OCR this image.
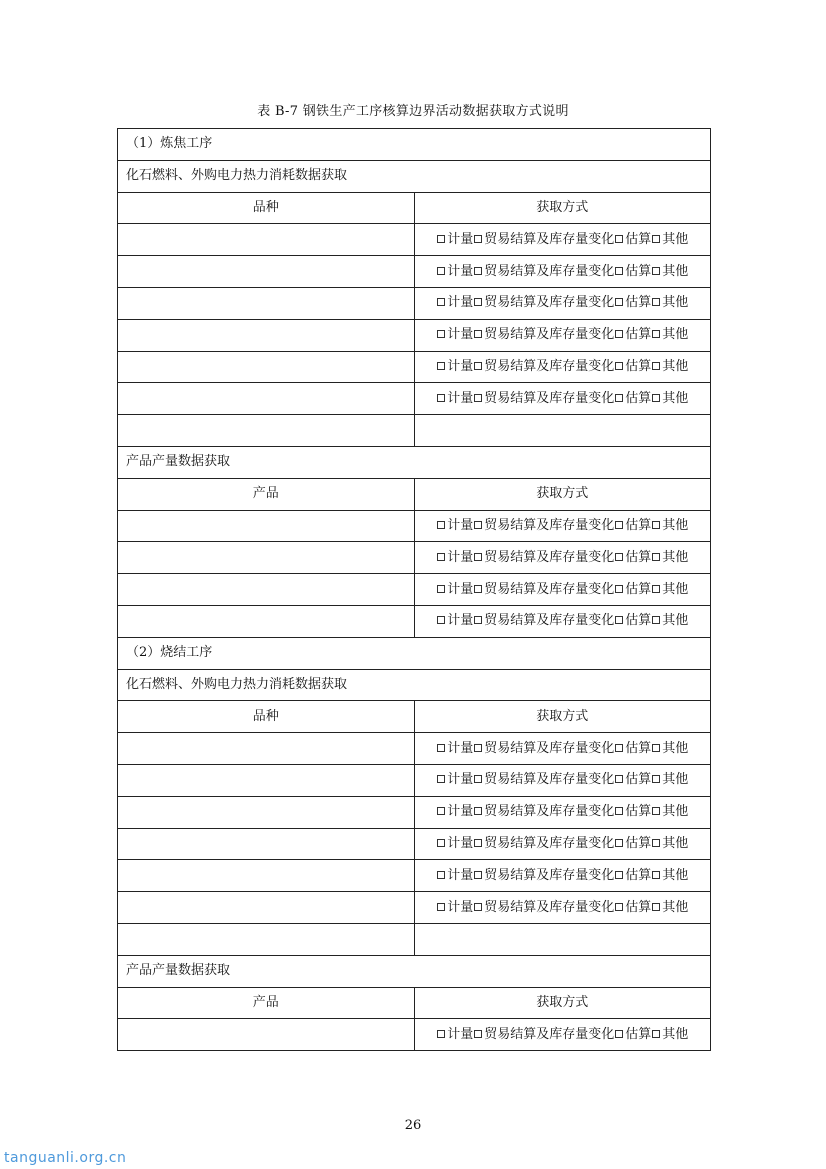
表 B-7 钢铁生产工序核算边界活动数据获取方式说明
（1）炼焦工序	
化石燃料、外购电力热力消耗数据获取	
品种	获取方式
	计量 贸易结算及库存量变化 估算 其他
	计量 贸易结算及库存量变化 估算 其他
	计量 贸易结算及库存量变化 估算 其他
	计量 贸易结算及库存量变化 估算 其他
	计量 贸易结算及库存量变化 估算 其他
	计量 贸易结算及库存量变化 估算 其他

产品产量数据获取	
产品	获取方式
	计量 贸易结算及库存量变化 估算 其他
	计量 贸易结算及库存量变化 估算 其他
	计量 贸易结算及库存量变化 估算 其他
	计量 贸易结算及库存量变化 估算 其他
（2）烧结工序	
化石燃料、外购电力热力消耗数据获取	
品种	获取方式
	计量 贸易结算及库存量变化 估算 其他
	计量 贸易结算及库存量变化 估算 其他
	计量 贸易结算及库存量变化 估算 其他
	计量 贸易结算及库存量变化 估算 其他
	计量 贸易结算及库存量变化 估算 其他
	计量 贸易结算及库存量变化 估算 其他

产品产量数据获取	
产品	获取方式
	计量 贸易结算及库存量变化 估算 其他
26
tanguanli.org.cn
